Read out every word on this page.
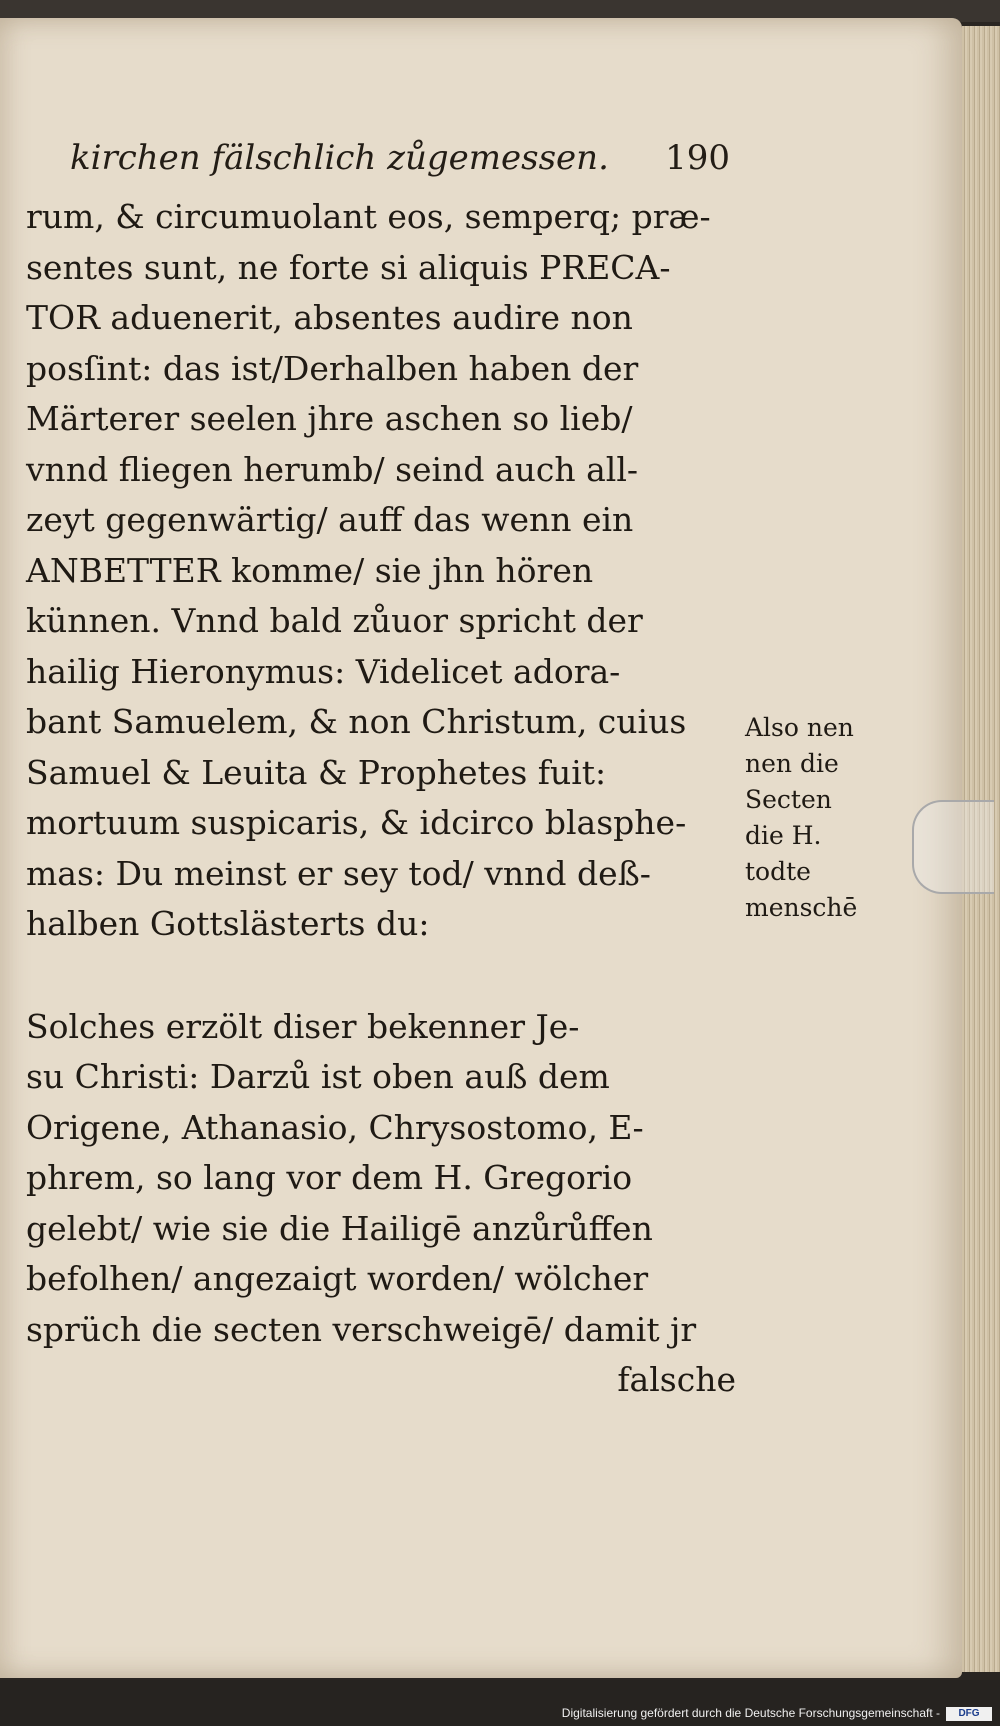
kirchen fälschlich zůgemessen. 190
rum, & circumuolant eos, semperq; præ‑
sentes sunt, ne forte si aliquis PRECA‑
TOR aduenerit, absentes audire non
posſint: das ist/Derhalben haben der
Märterer seelen jhre aschen so lieb/
vnnd fliegen herumb/ seind auch all‑
zeyt gegenwärtig/ auff das wenn ein
ANBETTER komme/ sie jhn hören
künnen. Vnnd bald zůuor spricht der
hailig Hieronymus: Videlicet adora‑
bant Samuelem, & non Christum, cuius
Samuel & Leuita & Prophetes fuit:
mortuum suspicaris, & idcirco blasphe‑
mas: Du meinst er sey tod/ vnnd deß‑
halben Gottslästerts du:
Solches erzölt diser bekenner Je‑
su Christi: Darzů ist oben auß dem
Origene, Athanasio, Chrysostomo, E‑
phrem, so lang vor dem H. Gregorio
gelebt/ wie sie die Hailigē anzůrůffen
befolhen/ angezaigt worden/ wölcher
sprüch die secten verschweigē/ damit jr
falsche
Also nen
nen die
Secten
die H.
todte
menschē
Digitalisierung gefördert durch die Deutsche Forschungsgemeinschaft -	DFG
